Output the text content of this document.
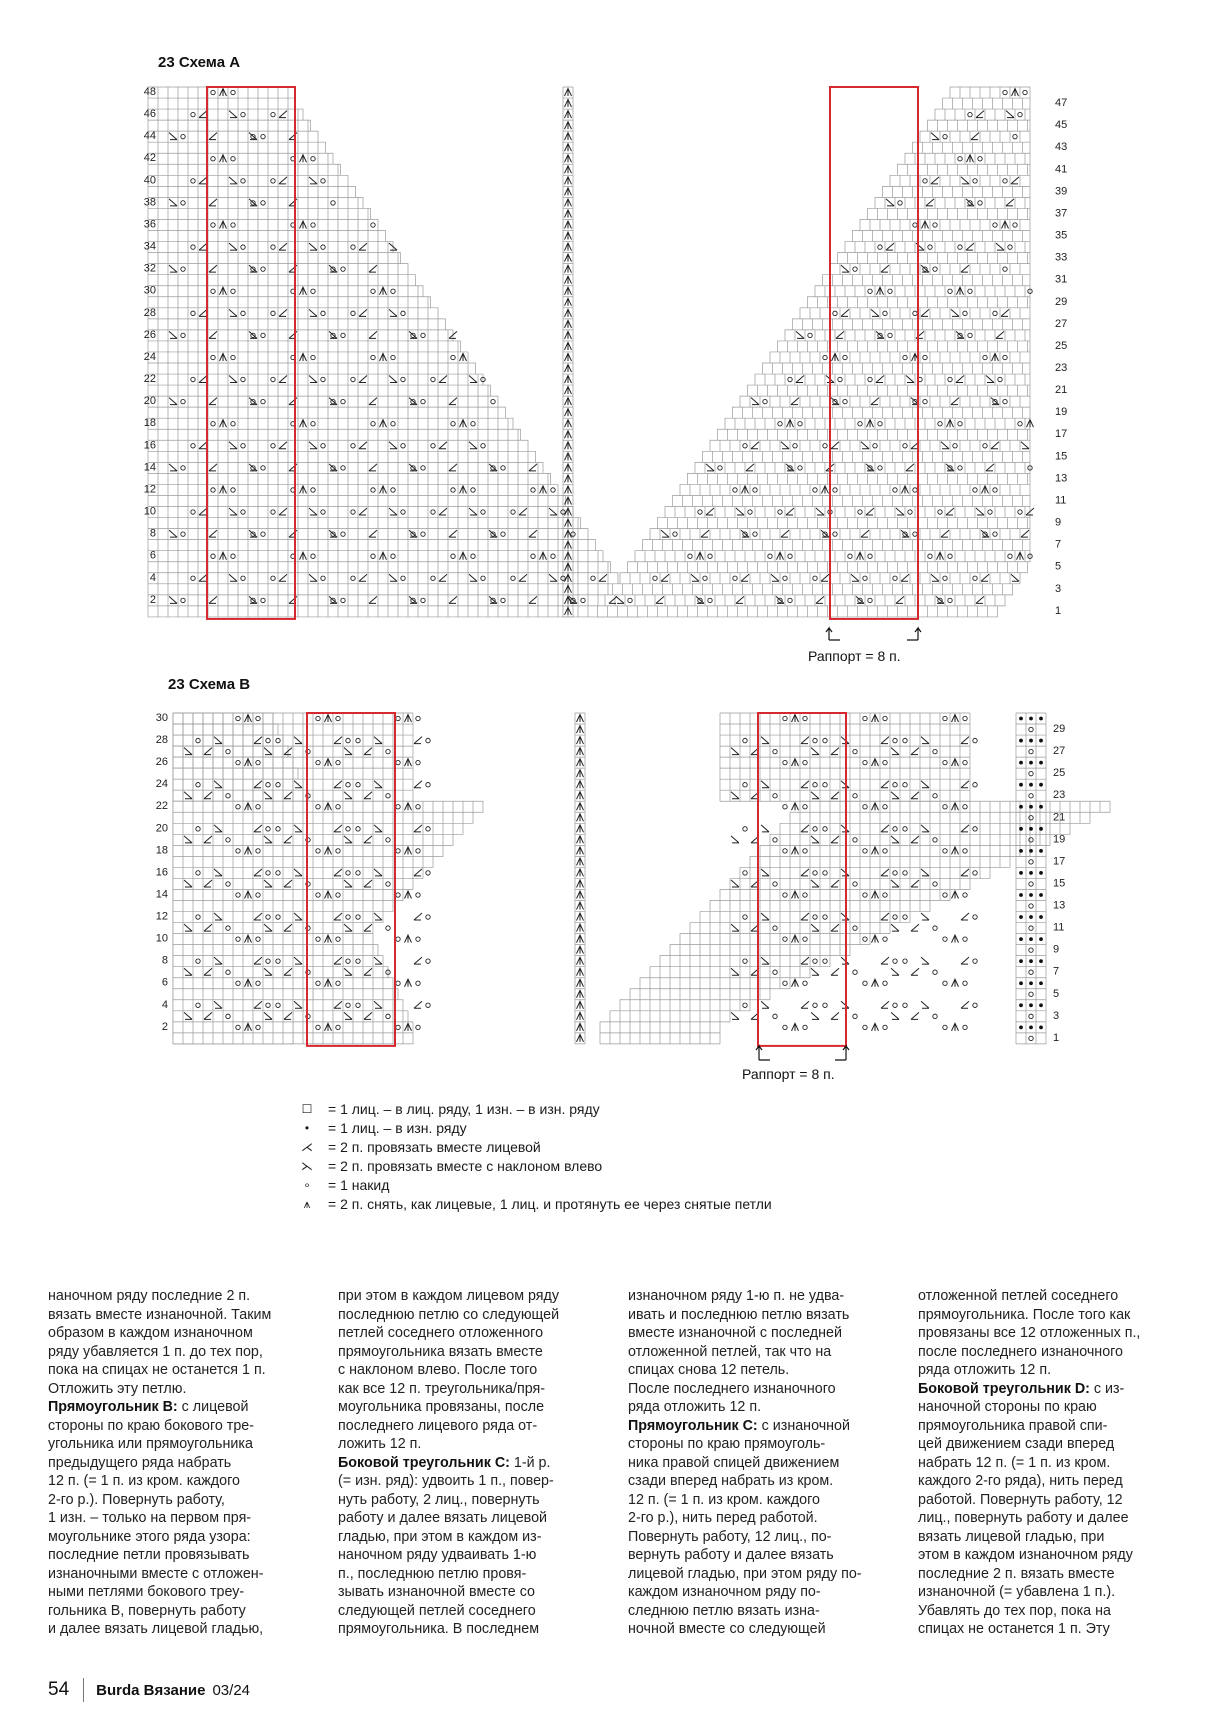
23 Схема А
23 Схема В
48
46
44
42
40
38
36
34
32
30
28
26
24
22
20
18
16
14
12
10
8
6
4
2
47
45
43
41
39
37
35
33
31
29
27
25
23
21
19
17
15
13
11
9
7
5
3
1
30
28
26
24
22
20
18
16
14
12
10
8
6
4
2
29
27
25
23
21
19
17
15
13
11
9
7
5
3
1
Раппорт = 8 п.
Раппорт = 8 п.
☐	= 1 лиц. – в лиц. ряду, 1 изн. – в изн. ряду
•	= 1 лиц. – в изн. ряду
⋌	= 2 п. провязать вместе лицевой
⋋	= 2 п. провязать вместе с наклоном влево
∘	= 1 накид
⩚	= 2 п. снять, как лицевые, 1 лиц. и протянуть ее через снятые петли

наночном ряду последние 2 п.

вязать вместе изнаночной. Таким

образом в каждом изнаночном

ряду убавляется 1 п. до тех пор,

пока на спицах не останется 1 п.

Отложить эту петлю.

Прямоугольник В: с лицевой

стороны по краю бокового тре-

угольника или прямоугольника

предыдущего ряда набрать

12 п. (= 1 п. из кром. каждого

2-го р.). Повернуть работу,

1 изн. – только на первом пря-

моугольнике этого ряда узора:

последние петли провязывать

изнаночными вместе с отложен-

ными петлями бокового треу-

гольника В, повернуть работу

и далее вязать лицевой гладью,

при этом в каждом лицевом ряду

последнюю петлю со следующей

петлей соседнего отложенного

прямоугольника вязать вместе

с наклоном влево. После того

как все 12 п. треугольника/пря-

моугольника провязаны, после

последнего лицевого ряда от-

ложить 12 п.

Боковой треугольник С: 1-й р.

(= изн. ряд): удвоить 1 п., повер-

нуть работу, 2 лиц., повернуть

работу и далее вязать лицевой

гладью, при этом в каждом из-

наночном ряду удваивать 1-ю

п., последнюю петлю провя-

зывать изнаночной вместе со

следующей петлей соседнего

прямоугольника. В последнем

изнаночном ряду 1-ю п. не удва-

ивать и последнюю петлю вязать

вместе изнаночной с последней

отложенной петлей, так что на

спицах снова 12 петель.

После последнего изнаночного

ряда отложить 12 п.

Прямоугольник С: с изнаночной

стороны по краю прямоуголь-

ника правой спицей движением

сзади вперед набрать из кром.

12 п. (= 1 п. из кром. каждого

2-го р.), нить перед работой.

Повернуть работу, 12 лиц., по-

вернуть работу и далее вязать

лицевой гладью, при этом ряду по-

каждом изнаночном ряду по-

следнюю петлю вязать изна-

ночной вместе со следующей

отложенной петлей соседнего

прямоугольника. После того как

провязаны все 12 отложенных п.,

после последнего изнаночного

ряда отложить 12 п.

Боковой треугольник D: с из-

наночной стороны по краю

прямоугольника правой спи-

цей движением сзади вперед

набрать 12 п. (= 1 п. из кром.

каждого 2-го ряда), нить перед

работой. Повернуть работу, 12

лиц., повернуть работу и далее

вязать лицевой гладью, при

этом в каждом изнаночном ряду

последние 2 п. вязать вместе

изнаночной (= убавлена 1 п.).

Убавлять до тех пор, пока на

спицах не останется 1 п. Эту

54 Burda Вязание 03/24
